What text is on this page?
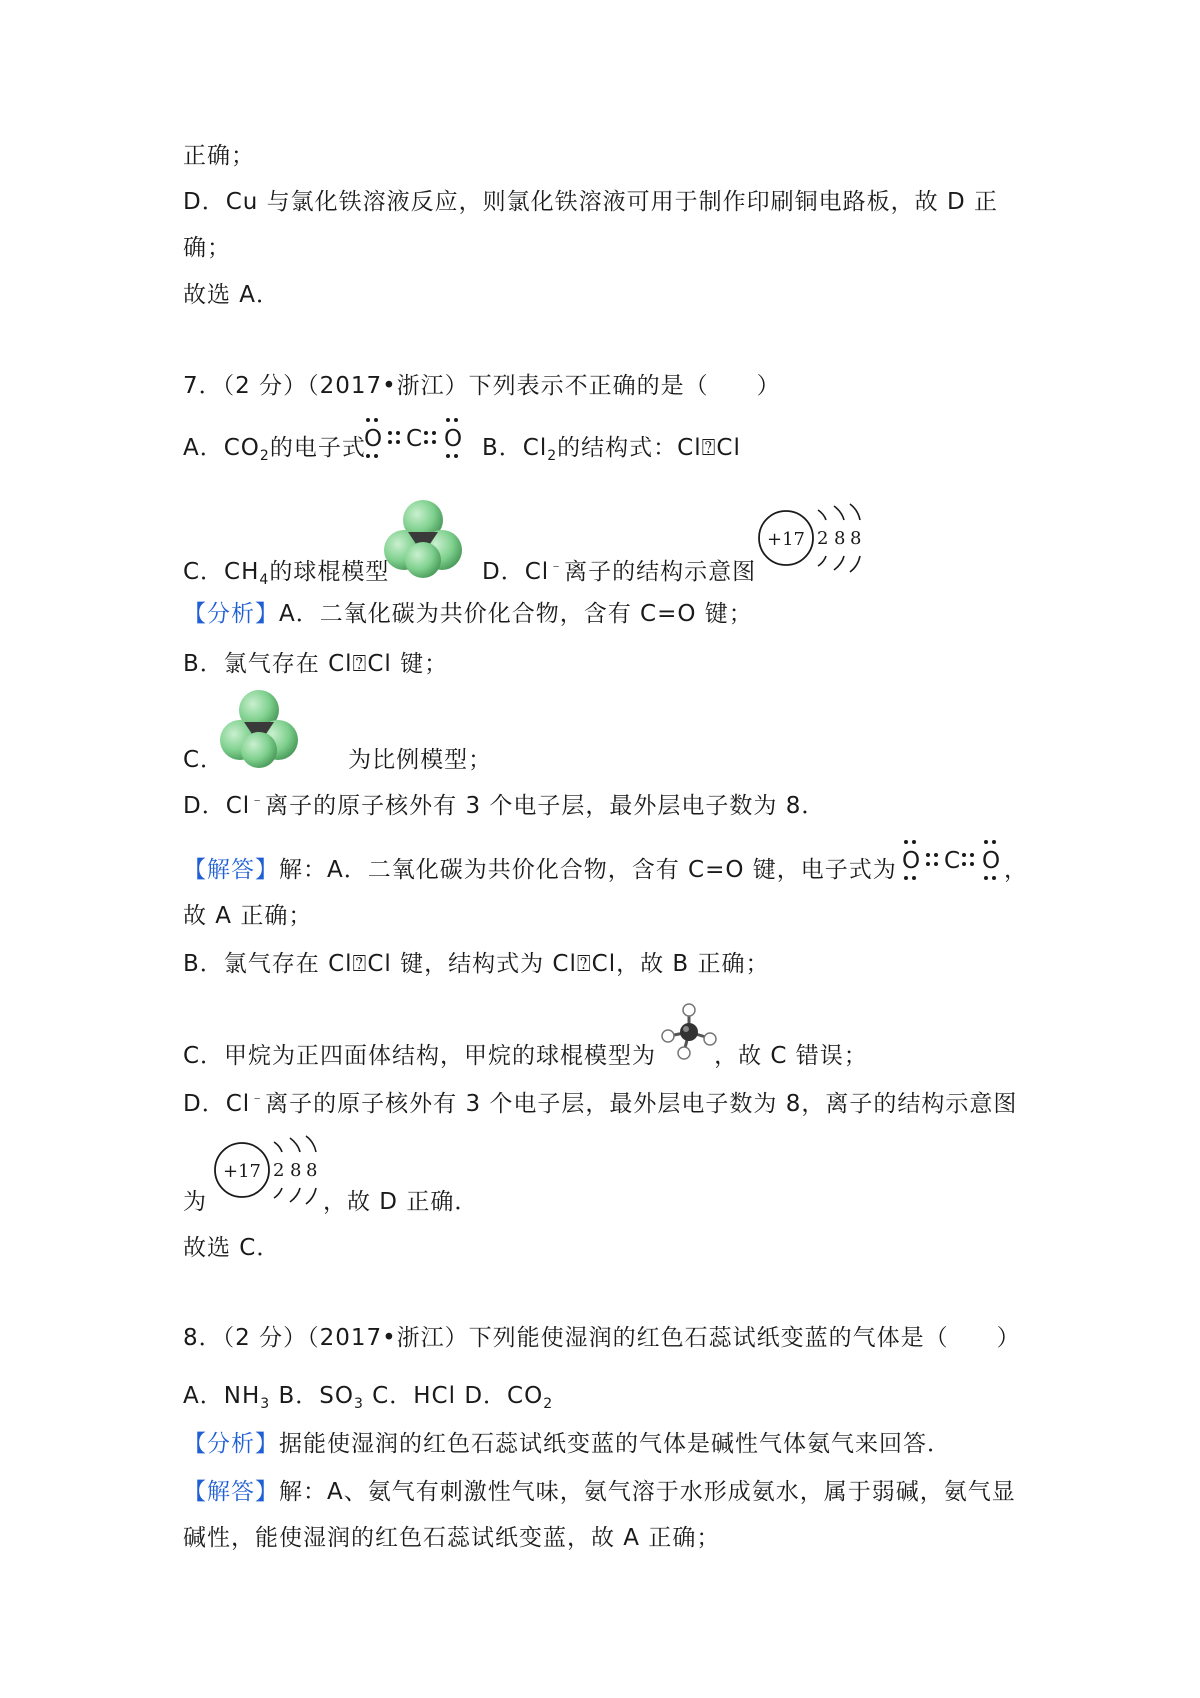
正确；
D．Cu 与氯化铁溶液反应，则氯化铁溶液可用于制作印刷铜电路板，故 D 正
确；
故选 A．
7．（2 分）（2017•浙江）下列表示不正确的是（　　）
A．$CO_2$的电子式
O C O B．$Cl_2$的结构式：Cl⍰Cl
C．$CH_4$的球棍模型	D．Cl﹣离子的结构示意图
+17 2 8 8
【分析】A．二氧化碳为共价化合物，含有 C=O 键；
B．氯气存在 Cl⍰Cl 键；
C．	为比例模型；
D．Cl﹣离子的原子核外有 3 个电子层，最外层电子数为 8．
【解答】解：A．二氧化碳为共价化合物，含有 C=O 键，电子式为 O C O ，
故 A 正确；
B．氯气存在 Cl⍰Cl 键，结构式为 Cl⍰Cl，故 B 正确；
C．甲烷为正四面体结构，甲烷的球棍模型为	，故 C 错误；
D．Cl﹣离子的原子核外有 3 个电子层，最外层电子数为 8，离子的结构示意图
+17 2 8 8
为	，故 D 正确．
故选 C．
8．（2 分）（2017•浙江）下列能使湿润的红色石蕊试纸变蓝的气体是（　　）
A．$NH_3$ B．$SO_3$ C．HCl D．$CO_2$
【分析】据能使湿润的红色石蕊试纸变蓝的气体是碱性气体氨气来回答．
【解答】解：A、氨气有刺激性气味，氨气溶于水形成氨水，属于弱碱，氨气显
碱性，能使湿润的红色石蕊试纸变蓝，故 A 正确；
